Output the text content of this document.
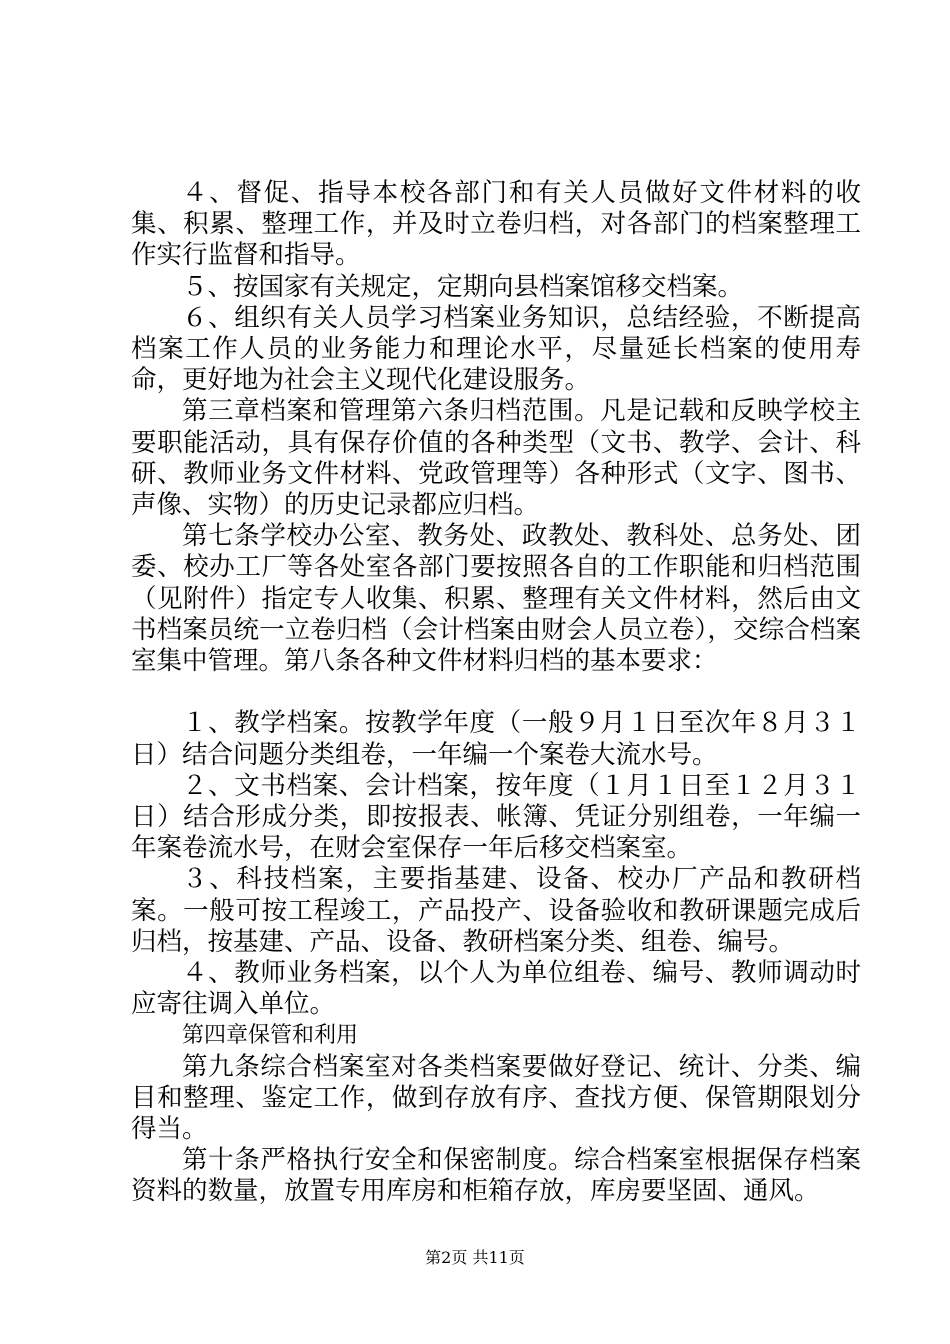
４、督促、指导本校各部门和有关人员做好文件材料的收集、积累、整理工作，并及时立卷归档，对各部门的档案整理工作实行监督和指导。

５、按国家有关规定，定期向县档案馆移交档案。

６、组织有关人员学习档案业务知识，总结经验，不断提高档案工作人员的业务能力和理论水平，尽量延长档案的使用寿命，更好地为社会主义现代化建设服务。

第三章档案和管理第六条归档范围。凡是记载和反映学校主要职能活动，具有保存价值的各种类型（文书、教学、会计、科研、教师业务文件材料、党政管理等）各种形式（文字、图书、声像、实物）的历史记录都应归档。

第七条学校办公室、教务处、政教处、教科处、总务处、团委、校办工厂等各处室各部门要按照各自的工作职能和归档范围（见附件）指定专人收集、积累、整理有关文件材料，然后由文书档案员统一立卷归档（会计档案由财会人员立卷），交综合档案室集中管理。第八条各种文件材料归档的基本要求：

１、教学档案。按教学年度（一般９月１日至次年８月３１日）结合问题分类组卷，一年编一个案卷大流水号。

２、文书档案、会计档案，按年度（１月１日至１２月３１日）结合形成分类，即按报表、帐簿、凭证分别组卷，一年编一年案卷流水号，在财会室保存一年后移交档案室。

３、科技档案，主要指基建、设备、校办厂产品和教研档案。一般可按工程竣工，产品投产、设备验收和教研课题完成后归档，按基建、产品、设备、教研档案分类、组卷、编号。

４、教师业务档案，以个人为单位组卷、编号、教师调动时应寄往调入单位。

第四章保管和利用

第九条综合档案室对各类档案要做好登记、统计、分类、编目和整理、鉴定工作，做到存放有序、查找方便、保管期限划分得当。

第十条严格执行安全和保密制度。综合档案室根据保存档案资料的数量，放置专用库房和柜箱存放，库房要坚固、通风。

第2页 共11页
